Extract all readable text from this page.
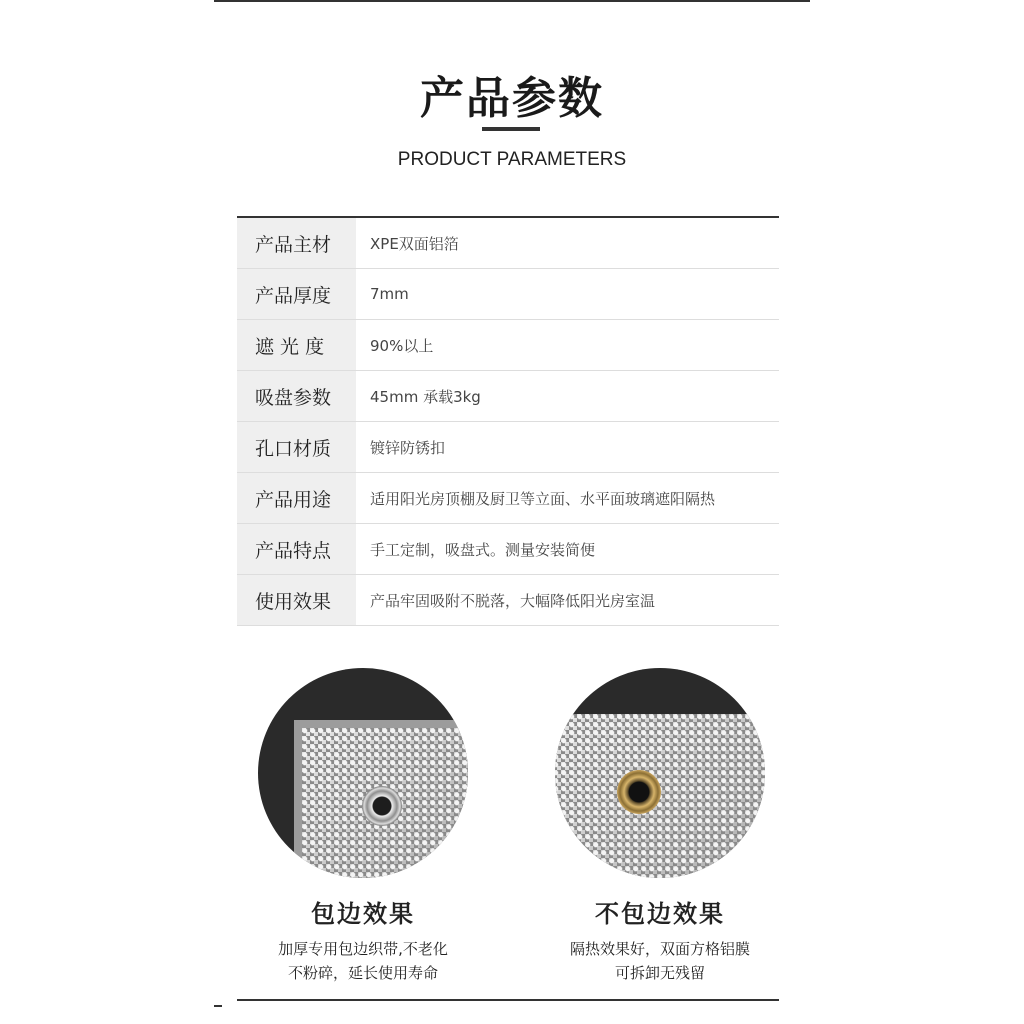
产品参数
PRODUCT PARAMETERS
产品主材	XPE双面铝箔
产品厚度	7mm
遮 光 度	90%以上
吸盘参数	45mm 承载3kg
孔口材质	镀锌防锈扣
产品用途	适用阳光房顶棚及厨卫等立面、水平面玻璃遮阳隔热
产品特点	手工定制，吸盘式。测量安装简便
使用效果	产品牢固吸附不脱落，大幅降低阳光房室温
包边效果
加厚专用包边织带,不老化
不粉碎，延长使用寿命
不包边效果
隔热效果好，双面方格铝膜
可拆卸无残留
